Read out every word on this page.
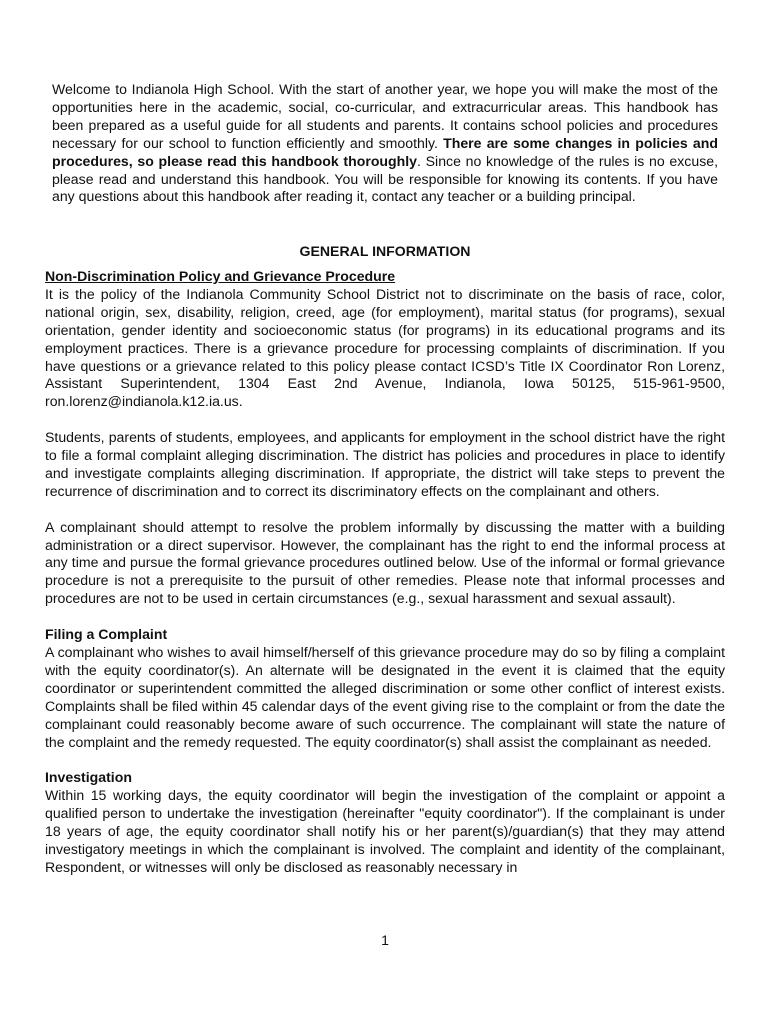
Welcome to Indianola High School. With the start of another year, we hope you will make the most of the opportunities here in the academic, social, co-curricular, and extracurricular areas. This handbook has been prepared as a useful guide for all students and parents. It contains school policies and procedures necessary for our school to function efficiently and smoothly. There are some changes in policies and procedures, so please read this handbook thoroughly. Since no knowledge of the rules is no excuse, please read and understand this handbook. You will be responsible for knowing its contents. If you have any questions about this handbook after reading it, contact any teacher or a building principal.

GENERAL INFORMATION

Non-Discrimination Policy and Grievance Procedure
It is the policy of the Indianola Community School District not to discriminate on the basis of race, color, national origin, sex, disability, religion, creed, age (for employment), marital status (for programs), sexual orientation, gender identity and socioeconomic status (for programs) in its educational programs and its employment practices. There is a grievance procedure for processing complaints of discrimination. If you have questions or a grievance related to this policy please contact ICSD’s Title IX Coordinator Ron Lorenz, Assistant Superintendent, 1304 East 2nd Avenue, Indianola, Iowa 50125, 515-961-9500, ron.lorenz@indianola.k12.ia.us.

Students, parents of students, employees, and applicants for employment in the school district have the right to file a formal complaint alleging discrimination. The district has policies and procedures in place to identify and investigate complaints alleging discrimination. If appropriate, the district will take steps to prevent the recurrence of discrimination and to correct its discriminatory effects on the complainant and others.

A complainant should attempt to resolve the problem informally by discussing the matter with a building administration or a direct supervisor. However, the complainant has the right to end the informal process at any time and pursue the formal grievance procedures outlined below. Use of the informal or formal grievance procedure is not a prerequisite to the pursuit of other remedies. Please note that informal processes and procedures are not to be used in certain circumstances (e.g., sexual harassment and sexual assault).

Filing a Complaint
A complainant who wishes to avail himself/herself of this grievance procedure may do so by filing a complaint with the equity coordinator(s). An alternate will be designated in the event it is claimed that the equity coordinator or superintendent committed the alleged discrimination or some other conflict of interest exists. Complaints shall be filed within 45 calendar days of the event giving rise to the complaint or from the date the complainant could reasonably become aware of such occurrence. The complainant will state the nature of the complaint and the remedy requested. The equity coordinator(s) shall assist the complainant as needed.

Investigation
Within 15 working days, the equity coordinator will begin the investigation of the complaint or appoint a qualified person to undertake the investigation (hereinafter "equity coordinator"). If the complainant is under 18 years of age, the equity coordinator shall notify his or her parent(s)/guardian(s) that they may attend investigatory meetings in which the complainant is involved. The complaint and identity of the complainant, Respondent, or witnesses will only be disclosed as reasonably necessary in

1
